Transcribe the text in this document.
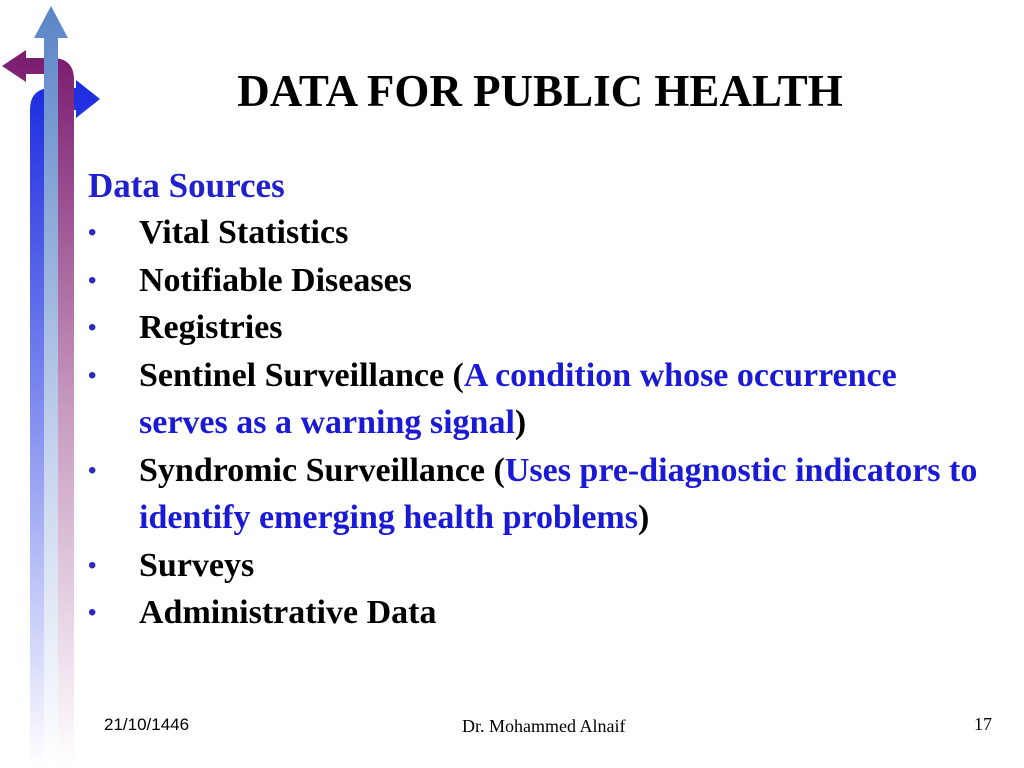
DATA FOR PUBLIC HEALTH
Data Sources
•	Vital Statistics
•	Notifiable Diseases
•	Registries
•	Sentinel Surveillance (A condition whose occurrence serves as a warning signal)
•	Syndromic Surveillance (Uses pre-diagnostic indicators to identify emerging health problems)
•	Surveys
•	Administrative Data
21/10/1446	Dr. Mohammed Alnaif	17
